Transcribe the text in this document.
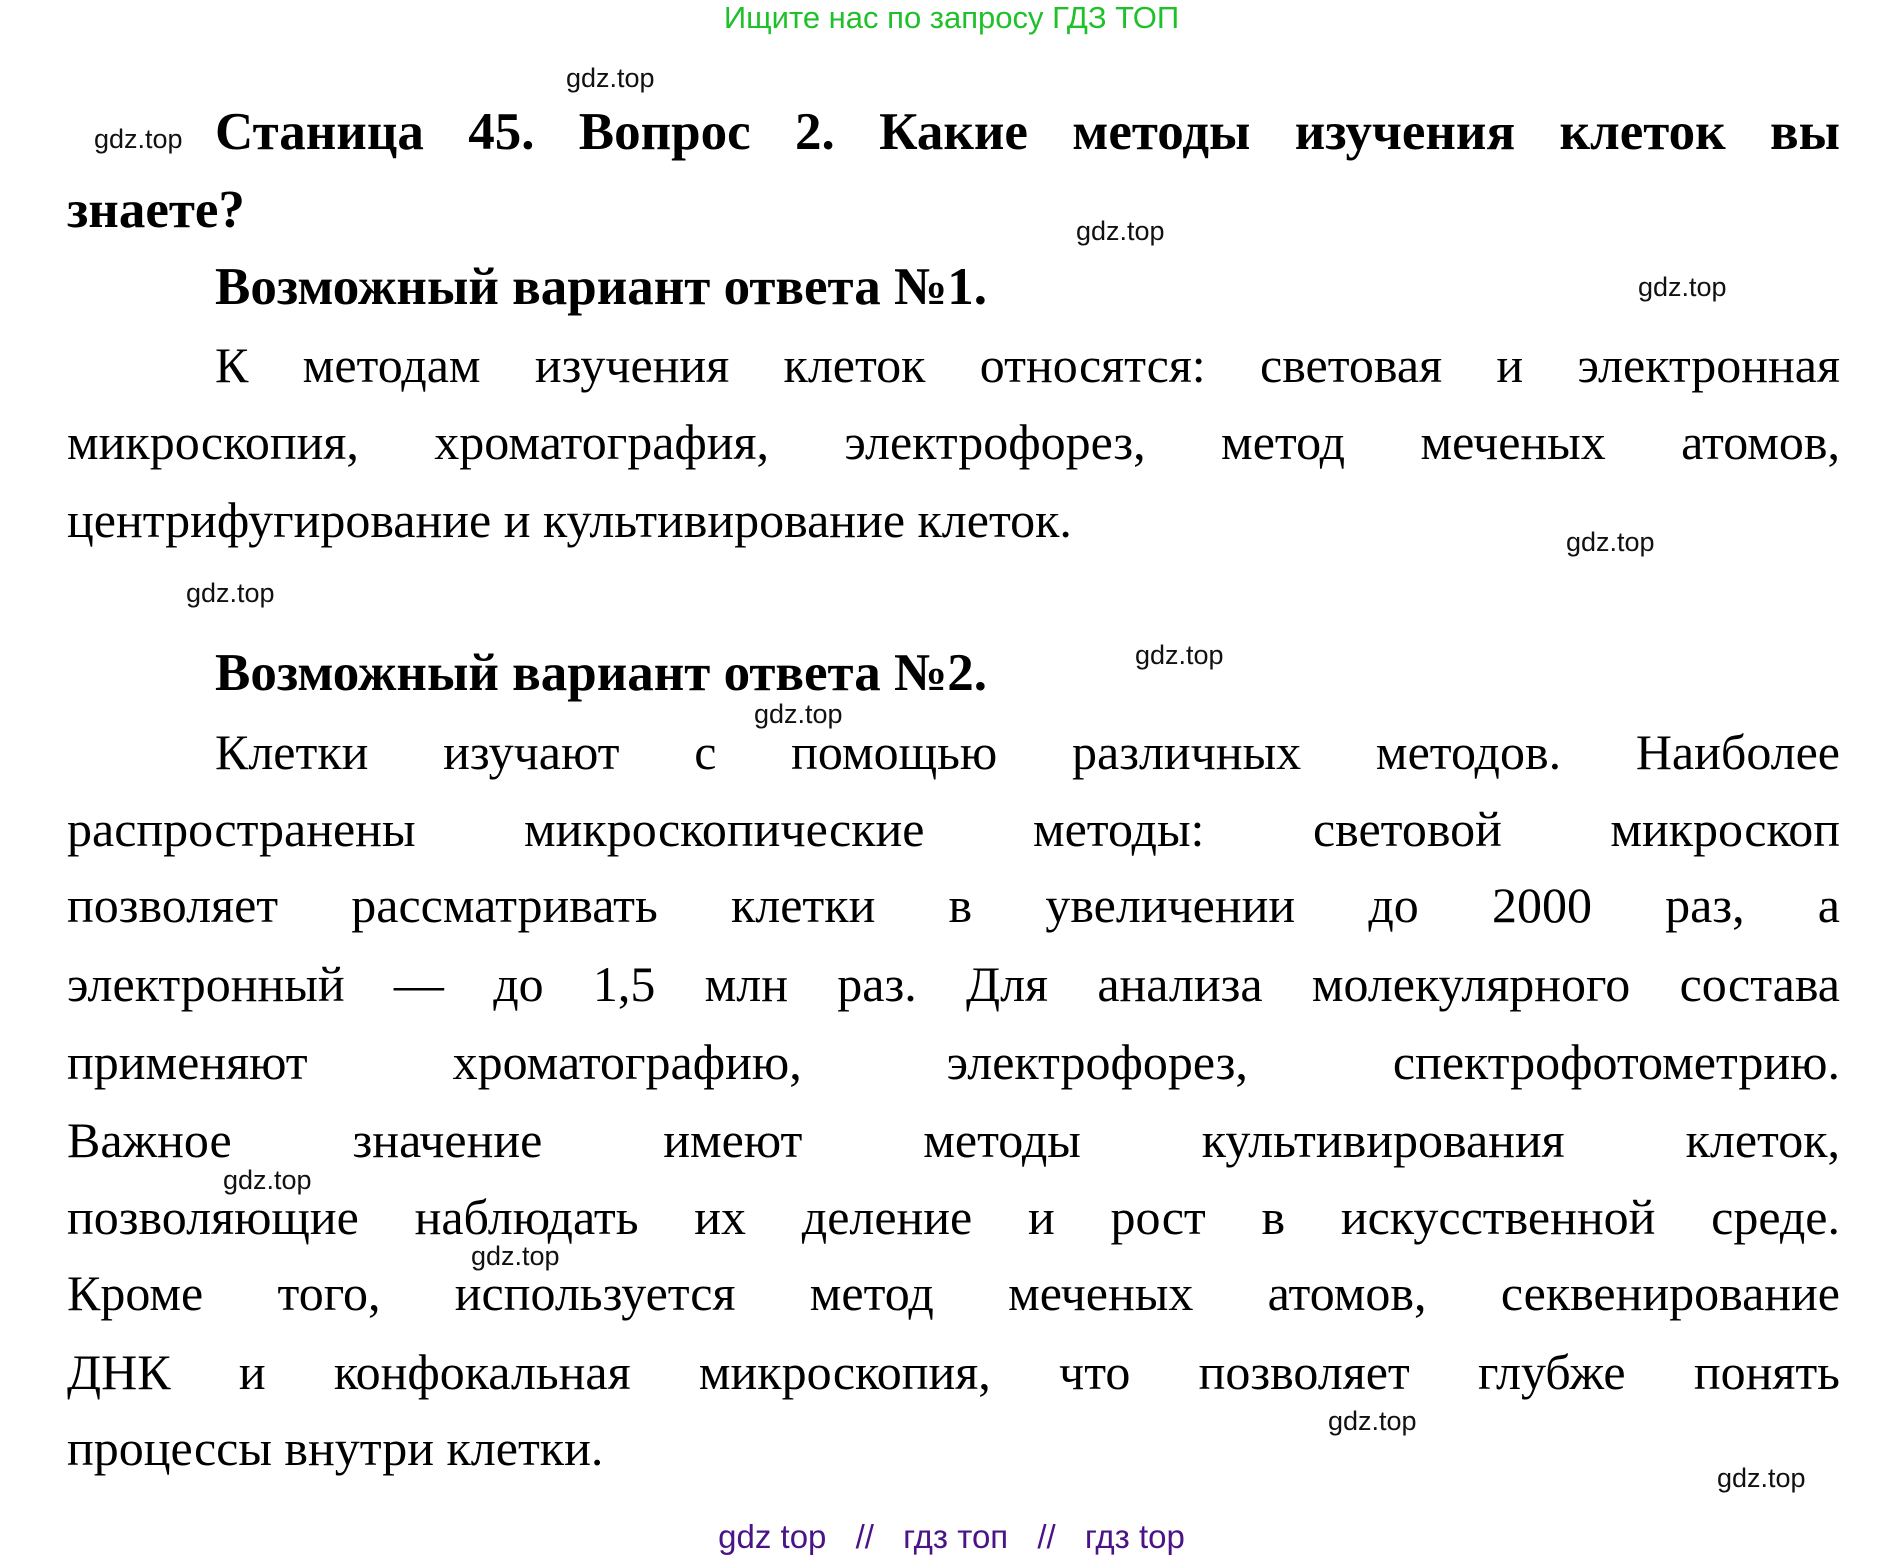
Ищите нас по запросу ГДЗ ТОП
gdz.top
gdz.top
gdz.top
gdz.top
gdz.top
gdz.top
gdz.top
gdz.top
gdz.top
gdz.top
gdz.top
gdz.top
Станица 45. Вопрос 2. Какие методы изучения клеток вы
знаете?
Возможный вариант ответа №1.
К методам изучения клеток относятся: световая и электронная
микроскопия, хроматография, электрофорез, метод меченых атомов,
центрифугирование и культивирование клеток.
Возможный вариант ответа №2.
Клетки изучают с помощью различных методов. Наиболее
распространены микроскопические методы: световой микроскоп
позволяет рассматривать клетки в увеличении до 2000 раз, а
электронный — до 1,5 млн раз. Для анализа молекулярного состава
применяют хроматографию, электрофорез, спектрофотометрию.
Важное значение имеют методы культивирования клеток,
позволяющие наблюдать их деление и рост в искусственной среде.
Кроме того, используется метод меченых атомов, секвенирование
ДНК и конфокальная микроскопия, что позволяет глубже понять
процессы внутри клетки.
gdz top // гдз топ // гдз top
